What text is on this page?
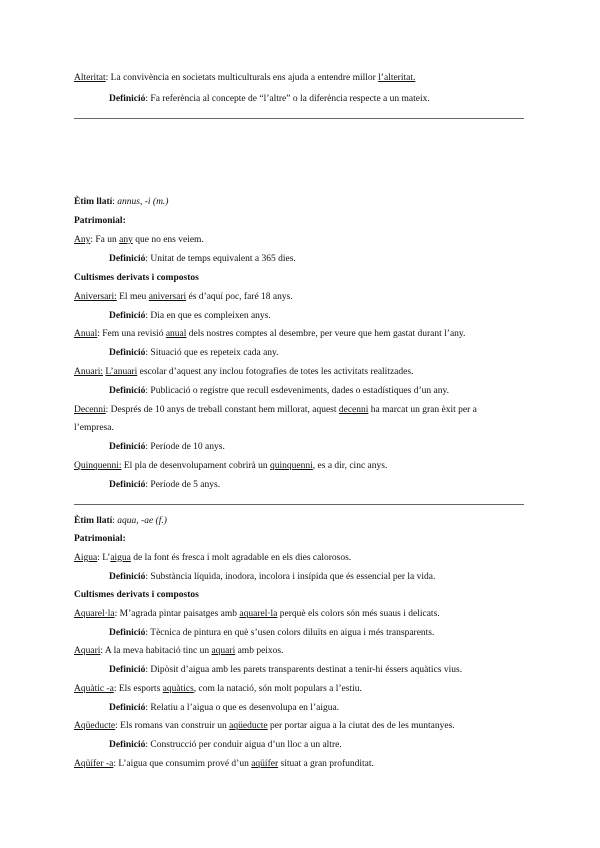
Alteritat: La convivència en societats multiculturals ens ajuda a entendre millor l’alteritat.
Definició: Fa referència al concepte de “l’altre” o la diferència respecte a un mateix.
Ètim llatí: annus, -i (m.)
Patrimonial:
Any: Fa un any que no ens veiem.
Definició: Unitat de temps equivalent a 365 dies.
Cultismes derivats i compostos
Aniversari: El meu aniversari és d’aquí poc, faré 18 anys.
Definició: Dia en que es compleixen anys.
Anual: Fem una revisió anual dels nostres comptes al desembre, per veure que hem gastat durant l’any.
Definició: Situació que es repeteix cada any.
Anuari: L’anuari escolar d’aquest any inclou fotografies de totes les activitats realitzades.
Definició: Publicació o registre que recull esdeveniments, dades o estadístiques d’un any.
Decenni: Després de 10 anys de treball constant hem millorat, aquest decenni ha marcat un gran èxit per a
l’empresa.
Definició: Període de 10 anys.
Quinquenni: El pla de desenvolupament cobrirà un quinquenni, es a dir, cinc anys.
Definició: Període de 5 anys.
Ètim llatí: aqua, -ae (f.)
Patrimonial:
Aigua: L’aigua de la font és fresca i molt agradable en els dies calorosos.
Definició: Substància líquida, inodora, incolora i insípida que és essencial per la vida.
Cultismes derivats i compostos
Aquarel·la: M’agrada pintar paisatges amb aquarel·la perquè els colors són més suaus i delicats.
Definició: Tècnica de pintura en què s’usen colors diluïts en aigua i més transparents.
Aquari: A la meva habitació tinc un aquari amb peixos.
Definició: Dipòsit d’aigua amb les parets transparents destinat a tenir-hi éssers aquàtics vius.
Aquàtic -a: Els esports aquàtics, com la natació, són molt populars a l’estiu.
Definició: Relatiu a l’aigua o que es desenvolupa en l’aigua.
Aqüeducte: Els romans van construir un aqüeducte per portar aigua a la ciutat des de les muntanyes.
Definició: Construcció per conduir aigua d’un lloc a un altre.
Aqüífer -a: L’aigua que consumim prové d’un aqüífer situat a gran profunditat.
